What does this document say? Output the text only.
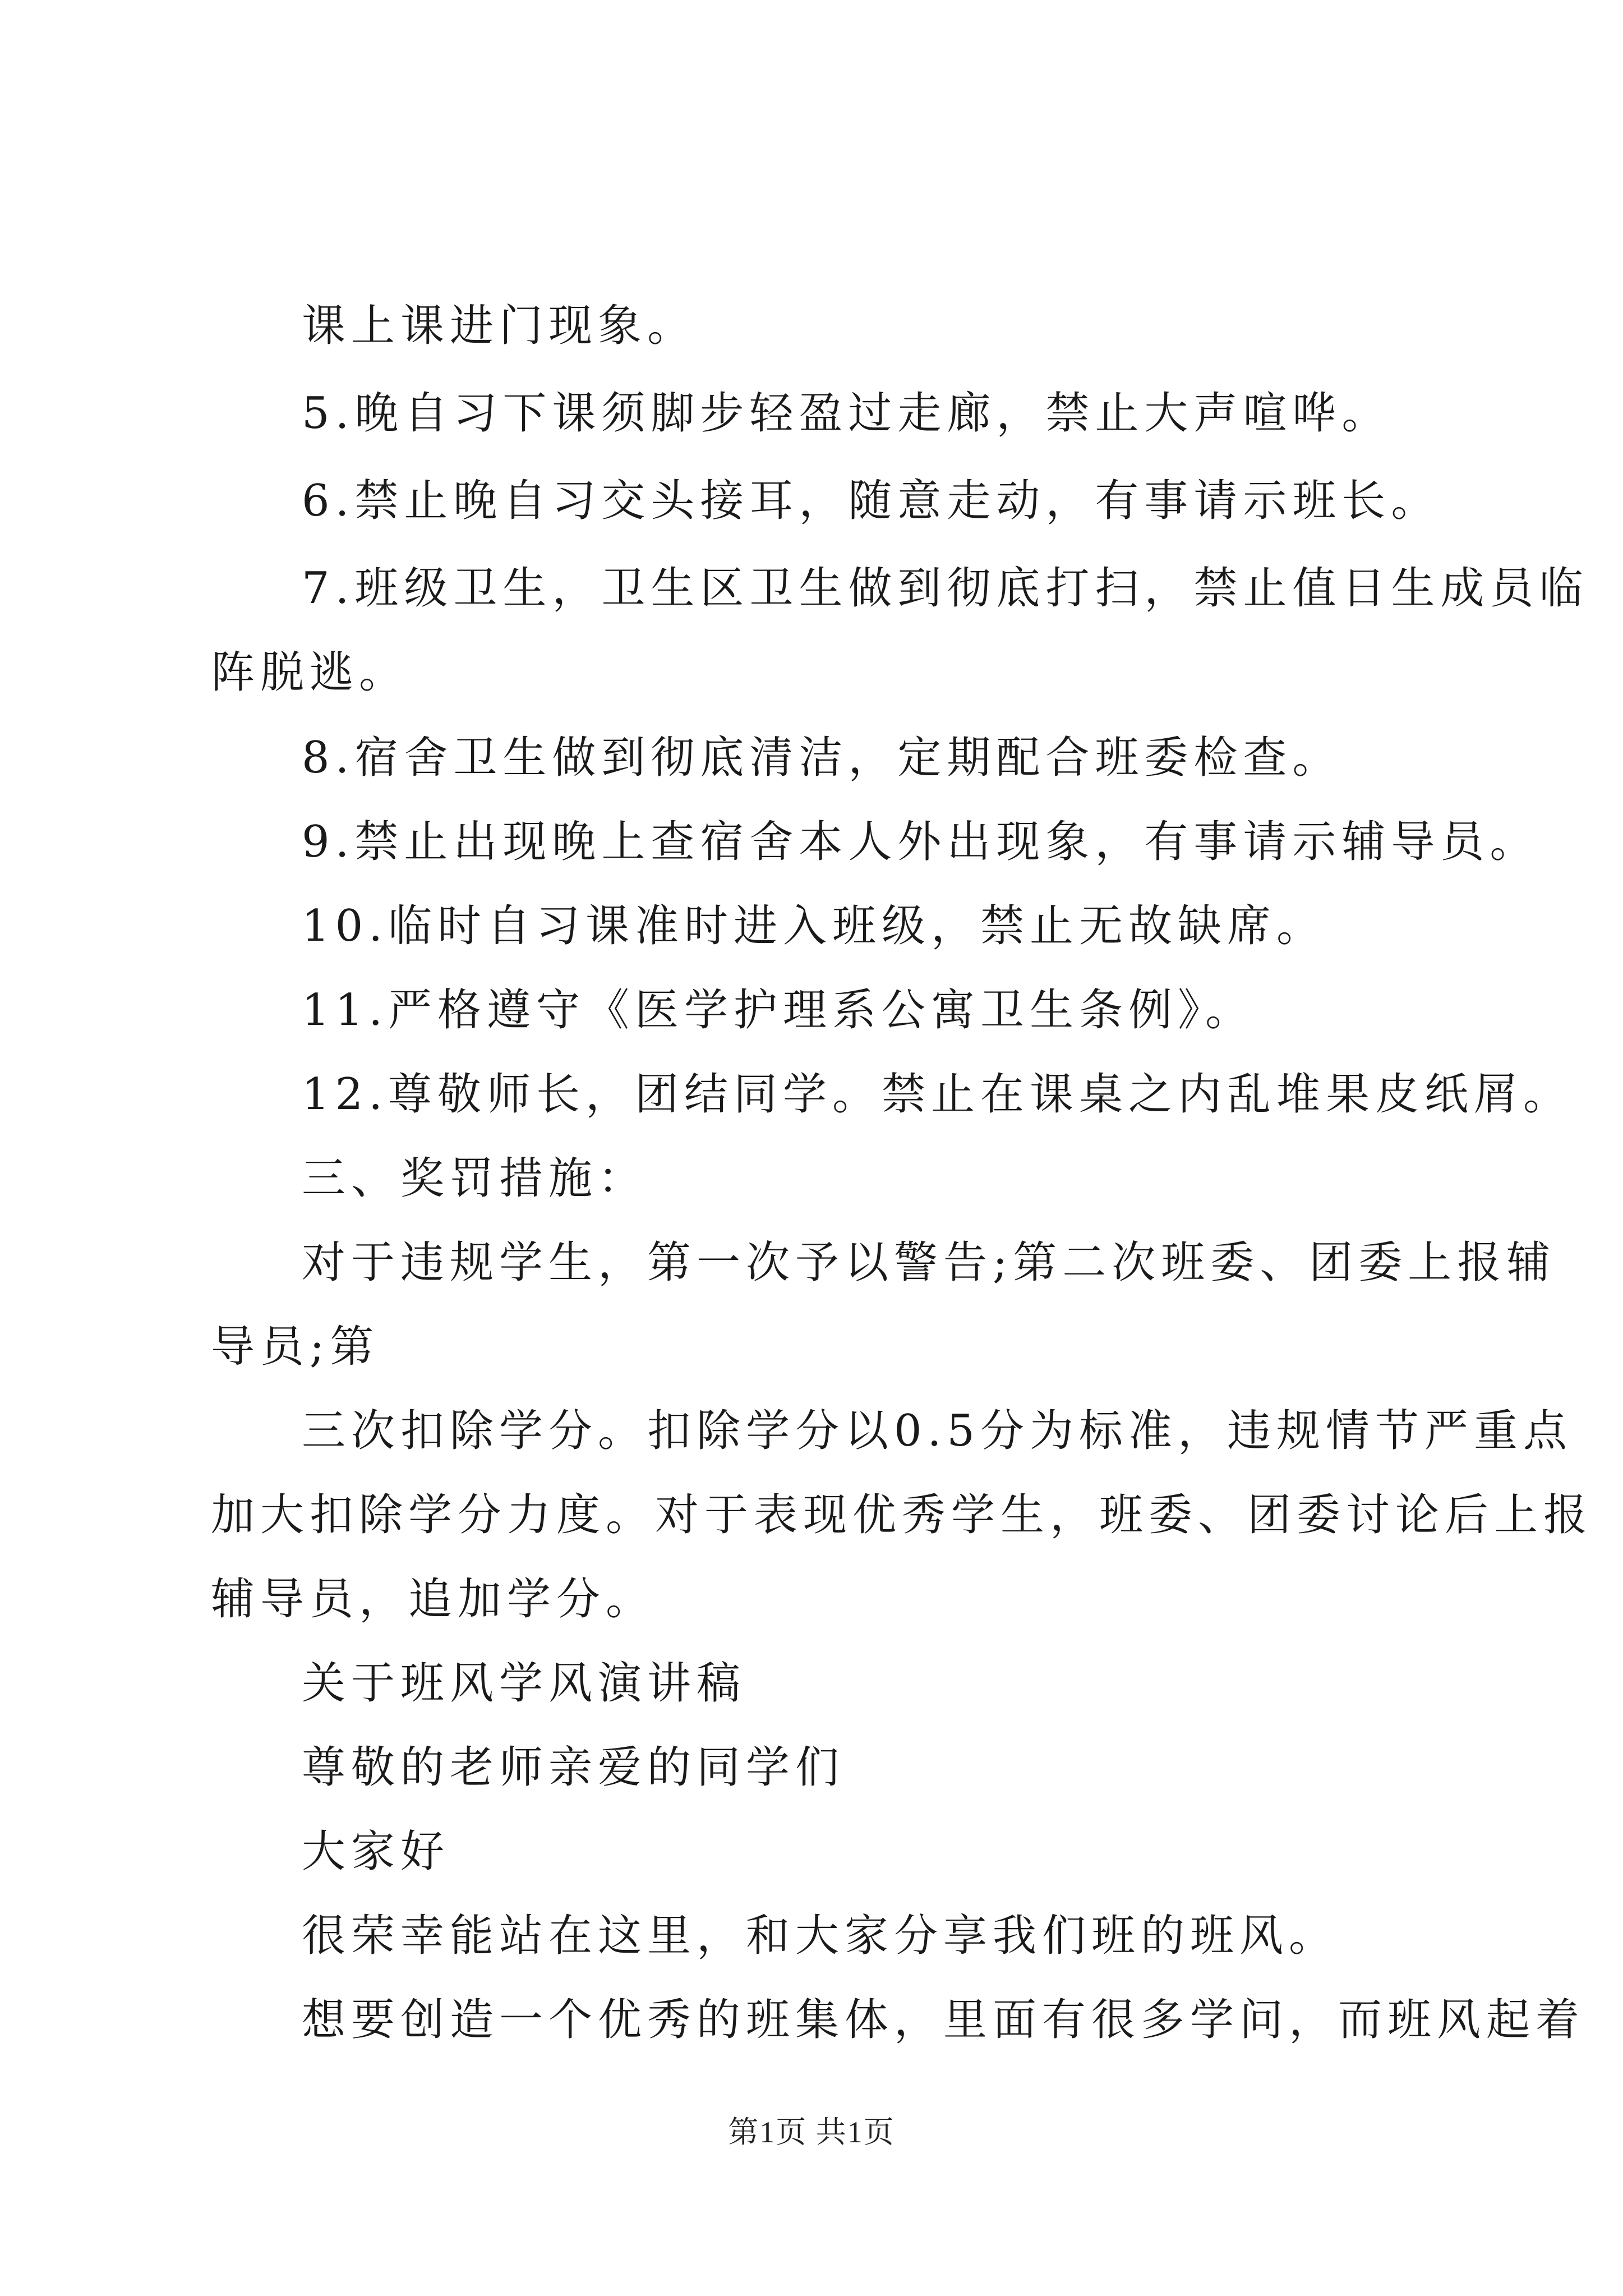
课上课进门现象。
5.晚自习下课须脚步轻盈过走廊，禁止大声喧哗。
6.禁止晚自习交头接耳，随意走动，有事请示班长。
7.班级卫生，卫生区卫生做到彻底打扫，禁止值日生成员临
阵脱逃。
8.宿舍卫生做到彻底清洁，定期配合班委检查。
9.禁止出现晚上查宿舍本人外出现象，有事请示辅导员。
10.临时自习课准时进入班级，禁止无故缺席。
11.严格遵守《医学护理系公寓卫生条例》。
12.尊敬师长，团结同学。禁止在课桌之内乱堆果皮纸屑。
三、奖罚措施：
对于违规学生，第一次予以警告;第二次班委、团委上报辅
导员;第
三次扣除学分。扣除学分以0.5分为标准，违规情节严重点
加大扣除学分力度。对于表现优秀学生，班委、团委讨论后上报
辅导员，追加学分。
关于班风学风演讲稿
尊敬的老师亲爱的同学们
大家好
很荣幸能站在这里，和大家分享我们班的班风。
想要创造一个优秀的班集体，里面有很多学问，而班风起着
第1页 共1页
